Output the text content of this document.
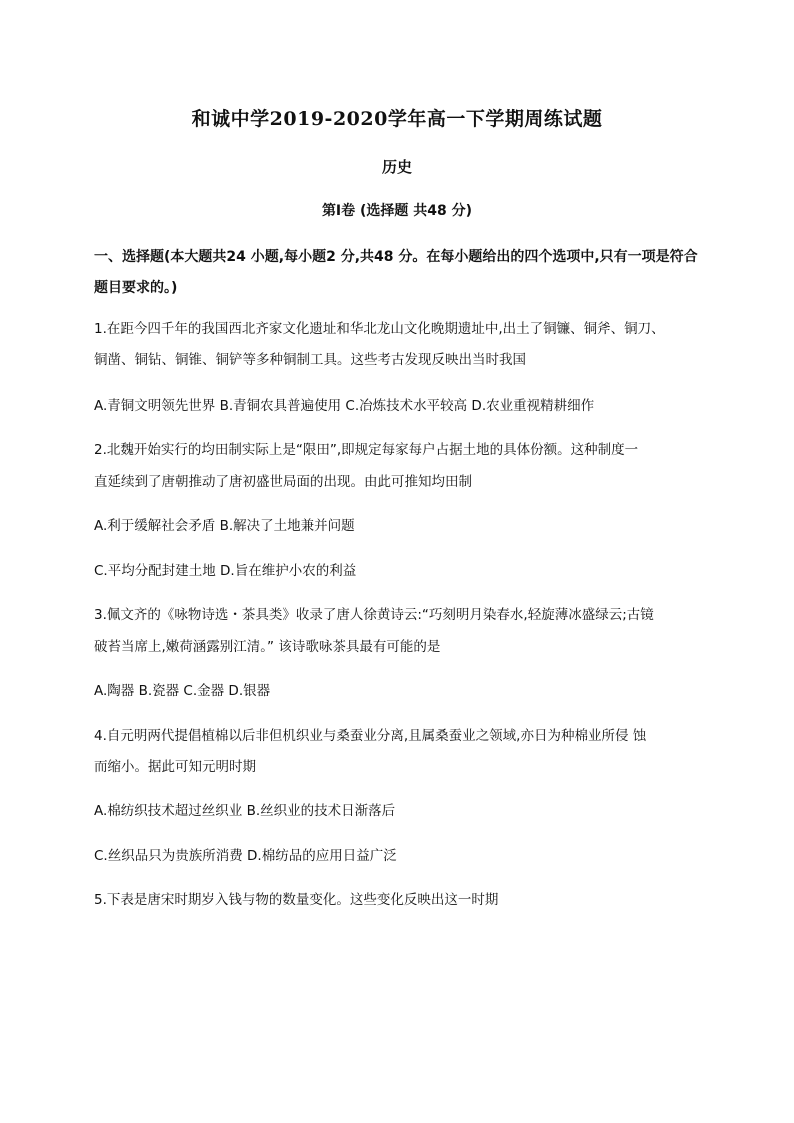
和诚中学2019-2020学年高一下学期周练试题
历史
第Ⅰ卷 (选择题 共48 分)
一、选择题(本大题共24 小题,每小题2 分,共48 分。在每小题给出的四个选项中,只有一项是符合题目要求的。)
1.在距今四千年的我国西北齐家文化遗址和华北龙山文化晚期遗址中,出土了铜镰、铜斧、铜刀、
铜凿、铜钻、铜锥、铜铲等多种铜制工具。这些考古发现反映出当时我国
A.青铜文明领先世界 B.青铜农具普遍使用 C.冶炼技术水平较高 D.农业重视精耕细作
2.北魏开始实行的均田制实际上是“限田”,即规定每家每户占据土地的具体份额。这种制度一
直延续到了唐朝推动了唐初盛世局面的出现。由此可推知均田制
A.利于缓解社会矛盾 B.解决了土地兼并问题
C.平均分配封建土地 D.旨在维护小农的利益
3.佩文齐的《咏物诗选・茶具类》收录了唐人徐黄诗云:“巧刻明月染春水,轻旋薄冰盛绿云;古镜
破苔当席上,嫩荷涵露别江清。” 该诗歌咏茶具最有可能的是
A.陶器 B.瓷器 C.金器 D.银器
4.自元明两代提倡植棉以后非但机织业与桑蚕业分离,且属桑蚕业之领域,亦日为种棉业所侵 蚀
而缩小。据此可知元明时期
A.棉纺织技术超过丝织业 B.丝织业的技术日渐落后
C.丝织品只为贵族所消费 D.棉纺品的应用日益广泛
5.下表是唐宋时期岁入钱与物的数量变化。这些变化反映出这一时期
